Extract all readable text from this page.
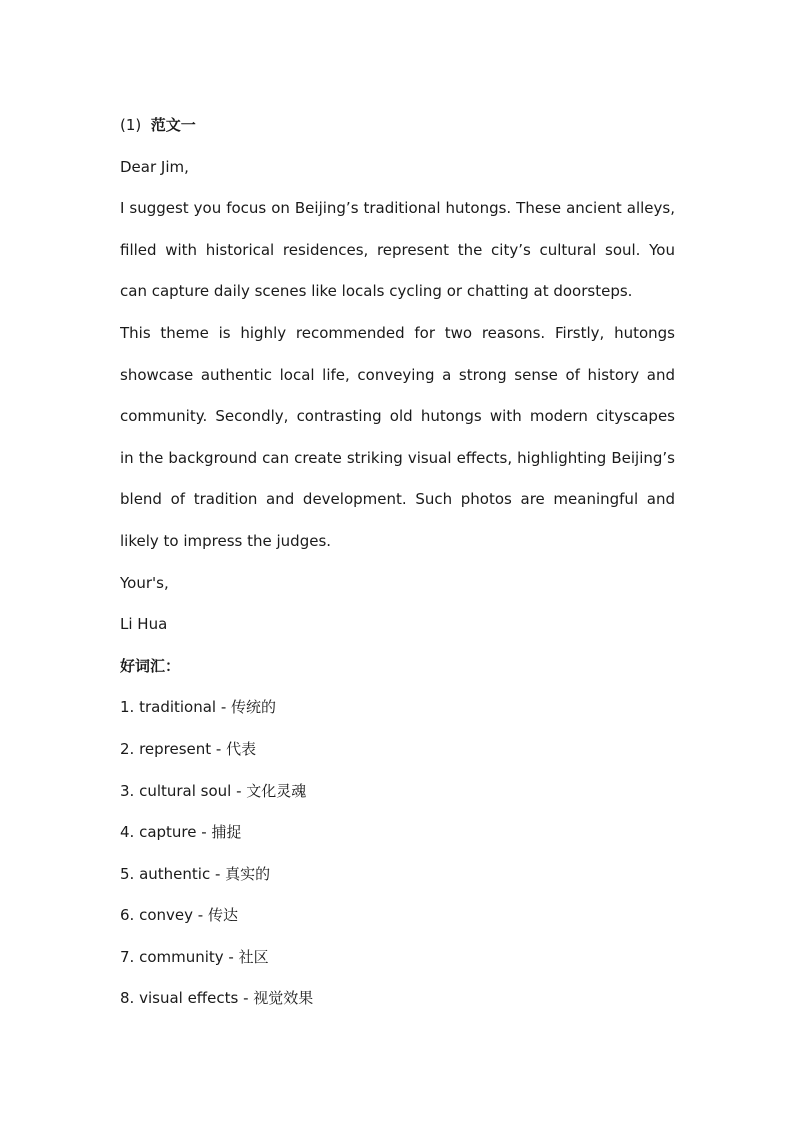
(1) 范文一
Dear Jim,
I suggest you focus on Beijing’s traditional hutongs. These ancient alleys,
filled with historical residences, represent the city’s cultural soul. You
can capture daily scenes like locals cycling or chatting at doorsteps.
This theme is highly recommended for two reasons. Firstly, hutongs
showcase authentic local life, conveying a strong sense of history and
community. Secondly, contrasting old hutongs with modern cityscapes
in the background can create striking visual effects, highlighting Beijing’s
blend of tradition and development. Such photos are meaningful and
likely to impress the judges.
Your's,
Li Hua
好词汇：
1. traditional - 传统的
2. represent - 代表
3. cultural soul - 文化灵魂
4. capture - 捕捉
5. authentic - 真实的
6. convey - 传达
7. community - 社区
8. visual effects - 视觉效果
